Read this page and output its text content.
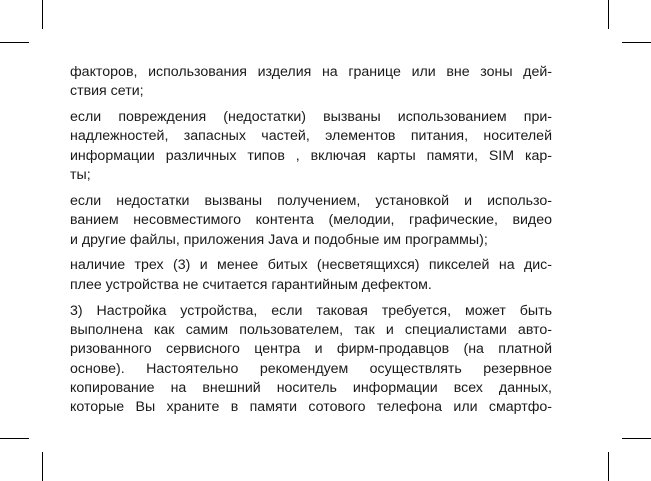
факторов, использования изделия на границе или вне зоны дей-
ствия сети;

если повреждения (недостатки) вызваны использованием при-
надлежностей, запасных частей, элементов питания, носителей
информации различных типов , включая карты памяти, SIM кар-
ты;

если недостатки вызваны получением, установкой и использо-
ванием несовместимого контента (мелодии, графические, видео
и другие файлы, приложения Java и подобные им программы);

наличие трех (3) и менее битых (несветящихся) пикселей на дис-
плее устройства не считается гарантийным дефектом.

3) Настройка устройства, если таковая требуется, может быть
выполнена как самим пользователем, так и специалистами авто-
ризованного сервисного центра и фирм-продавцов (на платной
основе). Настоятельно рекомендуем осуществлять резервное
копирование на внешний носитель информации всех данных,
которые Вы храните в памяти сотового телефона или смартфо-
